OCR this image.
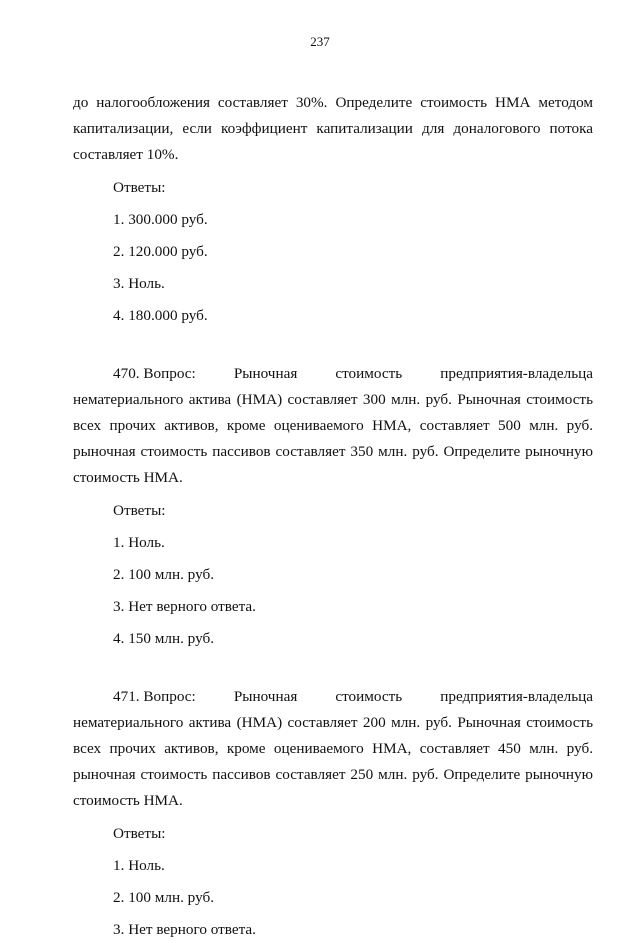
237
до налогообложения составляет 30%. Определите стоимость НМА методом
капитализации, если коэффициент капитализации для доналогового потока
составляет 10%.
Ответы:
1. 300.000 руб.
2. 120.000 руб.
3. Ноль.
4. 180.000 руб.
470. Вопрос:	Рыночная	стоимость	предприятия-владельца
нематериального актива (НМА) составляет 300 млн. руб. Рыночная стоимость
всех прочих активов, кроме оцениваемого НМА, составляет 500 млн. руб.
рыночная стоимость пассивов составляет 350 млн. руб. Определите рыночную
стоимость НМА.
Ответы:
1. Ноль.
2. 100 млн. руб.
3. Нет верного ответа.
4. 150 млн. руб.
471. Вопрос:	Рыночная	стоимость	предприятия-владельца
нематериального актива (НМА) составляет 200 млн. руб. Рыночная стоимость
всех прочих активов, кроме оцениваемого НМА, составляет 450 млн. руб.
рыночная стоимость пассивов составляет 250 млн. руб. Определите рыночную
стоимость НМА.
Ответы:
1. Ноль.
2. 100 млн. руб.
3. Нет верного ответа.
